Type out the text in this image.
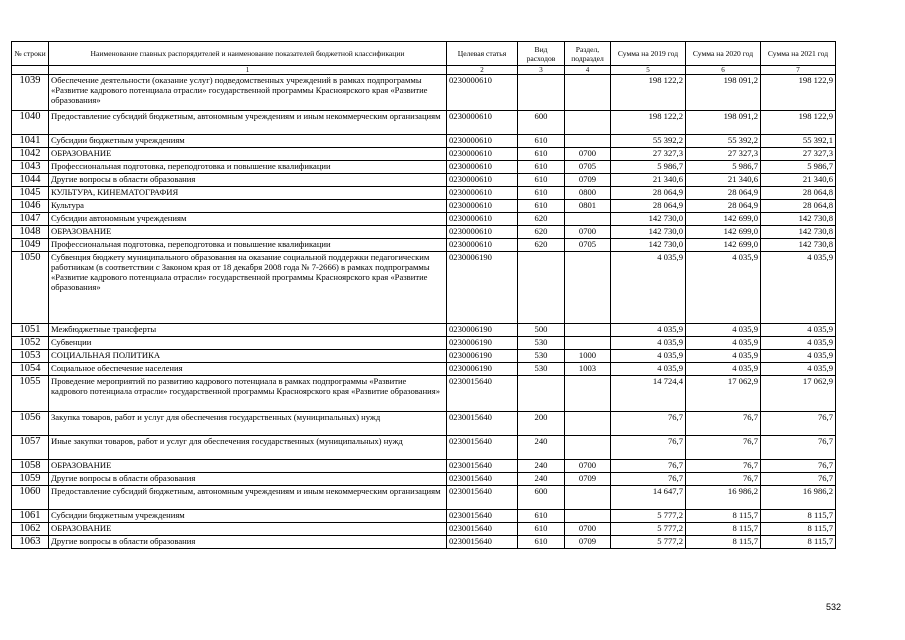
№ строки	Наименование главных распорядителей и наименование показателей бюджетной классификации	Целевая статья	Вид расходов	Раздел, подраздел	Сумма на 2019 год	Сумма на 2020 год	Сумма на 2021 год
	1	2	3	4	5	6	7
1039	Обеспечение деятельности (оказание услуг) подведомственных учреждений в рамках подпрограммы «Развитие кадрового потенциала отрасли» государственной программы Красноярского края «Развитие образования»	0230000610			198 122,2	198 091,2	198 122,9
1040	Предоставление субсидий бюджетным, автономным учреждениям и иным некоммерческим организациям	0230000610	600		198 122,2	198 091,2	198 122,9
1041	Субсидии бюджетным учреждениям	0230000610	610		55 392,2	55 392,2	55 392,1
1042	ОБРАЗОВАНИЕ	0230000610	610	0700	27 327,3	27 327,3	27 327,3
1043	Профессиональная подготовка, переподготовка и повышение квалификации	0230000610	610	0705	5 986,7	5 986,7	5 986,7
1044	Другие вопросы в области образования	0230000610	610	0709	21 340,6	21 340,6	21 340,6
1045	КУЛЬТУРА, КИНЕМАТОГРАФИЯ	0230000610	610	0800	28 064,9	28 064,9	28 064,8
1046	Культура	0230000610	610	0801	28 064,9	28 064,9	28 064,8
1047	Субсидии автономным учреждениям	0230000610	620		142 730,0	142 699,0	142 730,8
1048	ОБРАЗОВАНИЕ	0230000610	620	0700	142 730,0	142 699,0	142 730,8
1049	Профессиональная подготовка, переподготовка и повышение квалификации	0230000610	620	0705	142 730,0	142 699,0	142 730,8
1050	Субвенция бюджету муниципального образования на оказание социальной поддержки педагогическим работникам (в соответствии с Законом края от 18 декабря 2008 года № 7-2666) в рамках подпрограммы «Развитие кадрового потенциала отрасли» государственной программы Красноярского края «Развитие образования»	0230006190			4 035,9	4 035,9	4 035,9
1051	Межбюджетные трансферты	0230006190	500		4 035,9	4 035,9	4 035,9
1052	Субвенции	0230006190	530		4 035,9	4 035,9	4 035,9
1053	СОЦИАЛЬНАЯ ПОЛИТИКА	0230006190	530	1000	4 035,9	4 035,9	4 035,9
1054	Социальное обеспечение населения	0230006190	530	1003	4 035,9	4 035,9	4 035,9
1055	Проведение мероприятий по развитию кадрового потенциала в рамках подпрограммы «Развитие кадрового потенциала отрасли» государственной программы Красноярского края «Развитие образования»	0230015640			14 724,4	17 062,9	17 062,9
1056	Закупка товаров, работ и услуг для обеспечения государственных (муниципальных) нужд	0230015640	200		76,7	76,7	76,7
1057	Иные закупки товаров, работ и услуг для обеспечения государственных (муниципальных) нужд	0230015640	240		76,7	76,7	76,7
1058	ОБРАЗОВАНИЕ	0230015640	240	0700	76,7	76,7	76,7
1059	Другие вопросы в области образования	0230015640	240	0709	76,7	76,7	76,7
1060	Предоставление субсидий бюджетным, автономным учреждениям и иным некоммерческим организациям	0230015640	600		14 647,7	16 986,2	16 986,2
1061	Субсидии бюджетным учреждениям	0230015640	610		5 777,2	8 115,7	8 115,7
1062	ОБРАЗОВАНИЕ	0230015640	610	0700	5 777,2	8 115,7	8 115,7
1063	Другие вопросы в области образования	0230015640	610	0709	5 777,2	8 115,7	8 115,7
532
